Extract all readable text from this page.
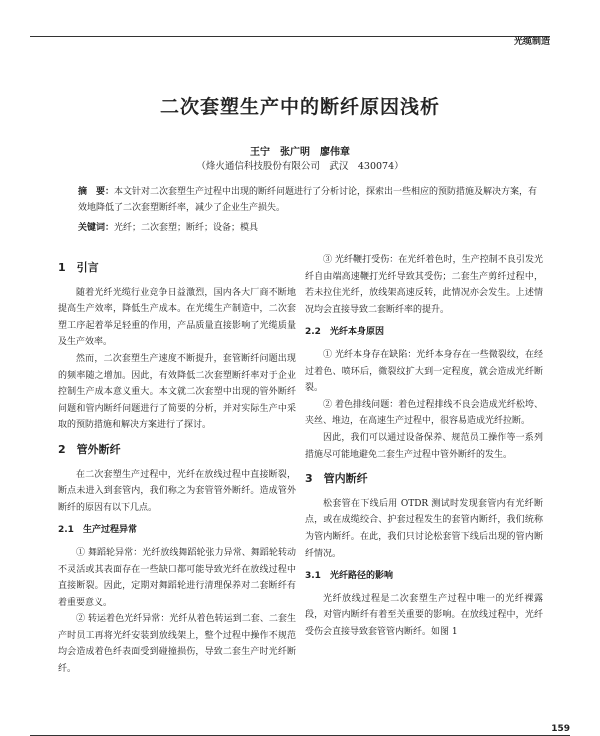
光缆制造
二次套塑生产中的断纤原因浅析
王宁　张广明　廖伟章
（烽火通信科技股份有限公司　武汉　430074）
摘　要：本文针对二次套塑生产过程中出现的断纤问题进行了分析讨论，探索出一些相应的预防措施及解决方案，有效地降低了二次套塑断纤率，减少了企业生产损失。
关键词：光纤；二次套塑；断纤；设备；模具
1　引言

随着光纤光缆行业竞争日益激烈，国内各大厂商不断地提高生产效率，降低生产成本。在光缆生产制造中，二次套塑工序起着举足轻重的作用，产品质量直接影响了光缆质量及生产效率。

然而，二次套塑生产速度不断提升，套管断纤问题出现的频率随之增加。因此，有效降低二次套塑断纤率对于企业控制生产成本意义重大。本文就二次套塑中出现的管外断纤问题和管内断纤问题进行了简要的分析，并对实际生产中采取的预防措施和解决方案进行了探讨。

2　管外断纤

在二次套塑生产过程中，光纤在放线过程中直接断裂，断点未进入到套管内，我们称之为套管管外断纤。造成管外断纤的原因有以下几点。

2.1　生产过程异常

① 舞蹈轮异常：光纤放线舞蹈轮张力异常、舞蹈轮转动不灵活或其表面存在一些缺口都可能导致光纤在放线过程中直接断裂。因此，定期对舞蹈轮进行清理保养对二套断纤有着重要意义。

② 转运着色光纤异常：光纤从着色转运到二套、二套生产时员工再将光纤安装到放线架上，整个过程中操作不规范均会造成着色纤表面受到碰撞损伤，导致二套生产时光纤断纤。

③ 光纤鞭打受伤：在光纤着色时，生产控制不良引发光纤自由端高速鞭打光纤导致其受伤；二套生产剪纤过程中，若未拉住光纤，放线架高速反转，此情况亦会发生。上述情况均会直接导致二套断纤率的提升。

2.2　光纤本身原因

① 光纤本身存在缺陷：光纤本身存在一些微裂纹，在经过着色、喷环后，微裂纹扩大到一定程度，就会造成光纤断裂。

② 着色排线问题：着色过程排线不良会造成光纤松垮、夹丝、堆边，在高速生产过程中，很容易造成光纤拉断。

因此，我们可以通过设备保养、规范员工操作等一系列措施尽可能地避免二套生产过程中管外断纤的发生。

3　管内断纤

松套管在下线后用 OTDR 测试时发现套管内有光纤断点，或在成缆绞合、护套过程发生的套管内断纤，我们统称为管内断纤。在此，我们只讨论松套管下线后出现的管内断纤情况。

3.1　光纤路径的影响

光纤放线过程是二次套塑生产过程中唯一的光纤裸露段，对管内断纤有着至关重要的影响。在放线过程中，光纤受伤会直接导致套管管内断纤。如图 1

159
